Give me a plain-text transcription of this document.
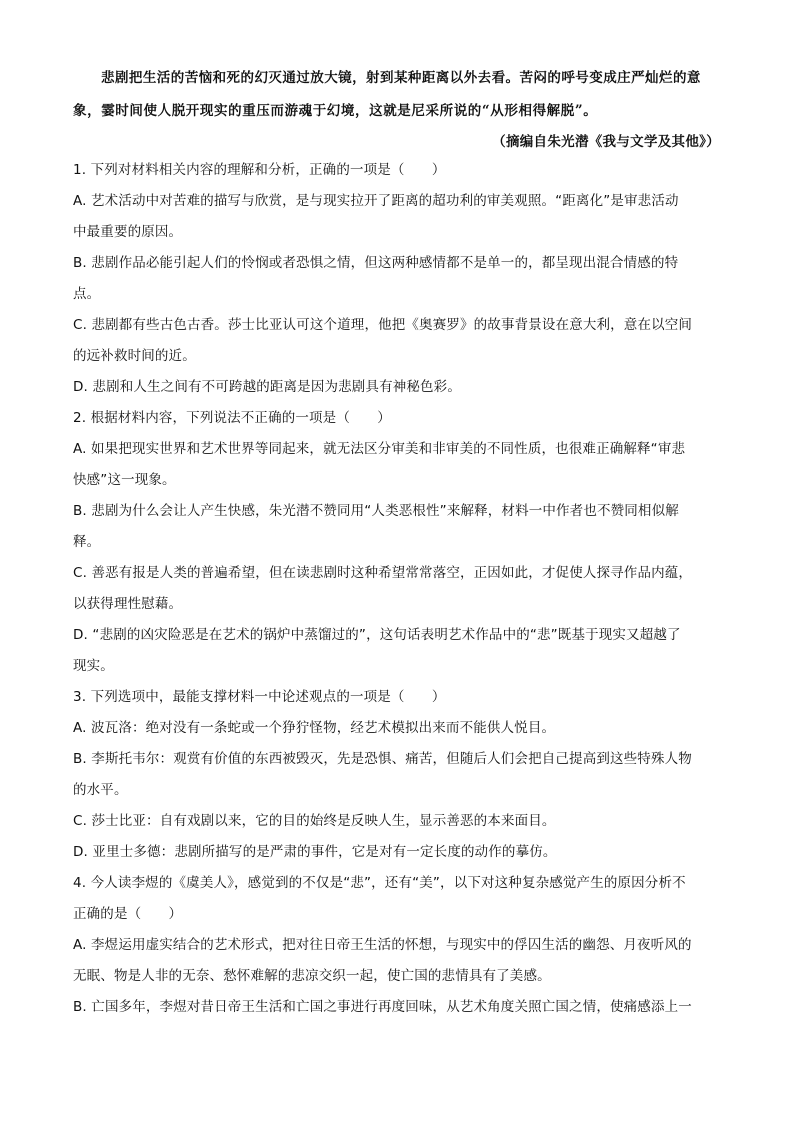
悲剧把生活的苦恼和死的幻灭通过放大镜，射到某种距离以外去看。苦闷的呼号变成庄严灿烂的意
象，霎时间使人脱开现实的重压而游魂于幻境，这就是尼采所说的“从形相得解脱”。
（摘编自朱光潜《我与文学及其他》）
1. 下列对材料相关内容的理解和分析，正确的一项是（　　）
A. 艺术活动中对苦难的描写与欣赏，是与现实拉开了距离的超功利的审美观照。“距离化”是审悲活动
中最重要的原因。
B. 悲剧作品必能引起人们的怜悯或者恐惧之情，但这两种感情都不是单一的，都呈现出混合情感的特
点。
C. 悲剧都有些古色古香。莎士比亚认可这个道理，他把《奥赛罗》的故事背景设在意大利，意在以空间
的远补救时间的近。
D. 悲剧和人生之间有不可跨越的距离是因为悲剧具有神秘色彩。
2. 根据材料内容，下列说法不正确的一项是（　　）
A. 如果把现实世界和艺术世界等同起来，就无法区分审美和非审美的不同性质，也很难正确解释“审悲
快感”这一现象。
B. 悲剧为什么会让人产生快感，朱光潜不赞同用“人类恶根性”来解释，材料一中作者也不赞同相似解
释。
C. 善恶有报是人类的普遍希望，但在读悲剧时这种希望常常落空，正因如此，才促使人探寻作品内蕴，
以获得理性慰藉。
D. “悲剧的凶灾险恶是在艺术的锅炉中蒸馏过的”，这句话表明艺术作品中的“悲”既基于现实又超越了
现实。
3. 下列选项中，最能支撑材料一中论述观点的一项是（　　）
A. 波瓦洛：绝对没有一条蛇或一个狰狞怪物，经艺术模拟出来而不能供人悦目。
B. 李斯托韦尔：观赏有价值的东西被毁灭，先是恐惧、痛苦，但随后人们会把自己提高到这些特殊人物
的水平。
C. 莎士比亚：自有戏剧以来，它的目的始终是反映人生，显示善恶的本来面目。
D. 亚里士多德：悲剧所描写的是严肃的事件，它是对有一定长度的动作的摹仿。
4. 今人读李煜的《虞美人》，感觉到的不仅是“悲”，还有“美”，以下对这种复杂感觉产生的原因分析不
正确的是（　　）
A. 李煜运用虚实结合的艺术形式，把对往日帝王生活的怀想，与现实中的俘囚生活的幽怨、月夜听风的
无眠、物是人非的无奈、愁怀难解的悲凉交织一起，使亡国的悲情具有了美感。
B. 亡国多年，李煜对昔日帝王生活和亡国之事进行再度回味，从艺术角度关照亡国之情，使痛感添上一
